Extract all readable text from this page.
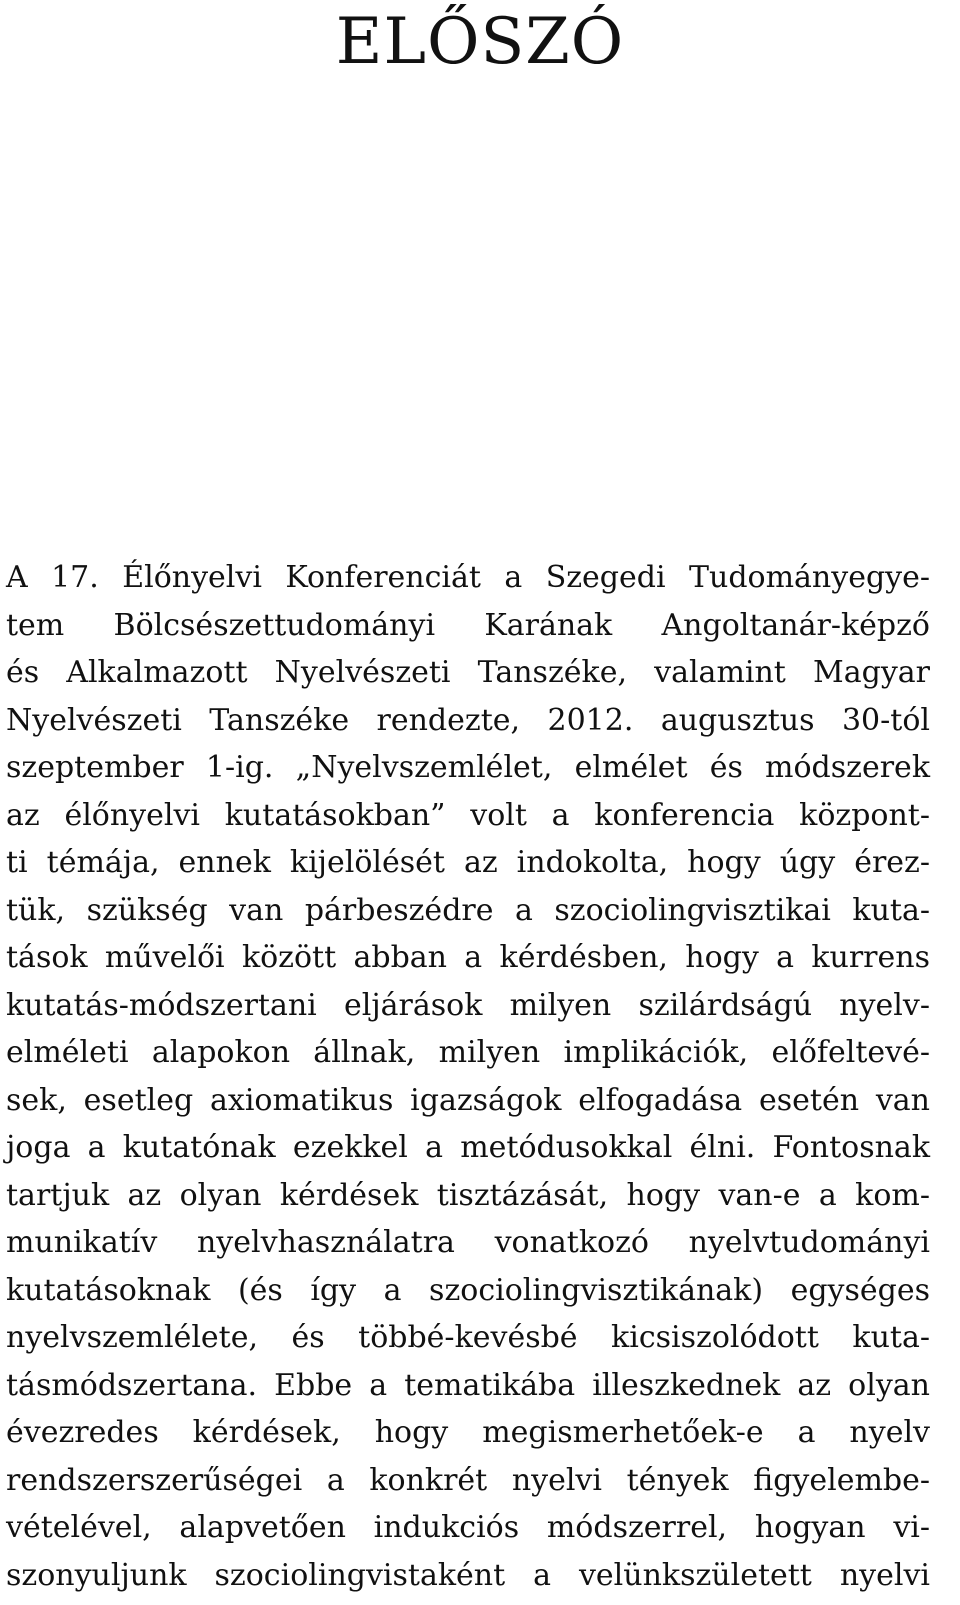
ELŐSZÓ
A 17. Élőnyelvi Konferenciát a Szegedi Tudományegye-
tem Bölcsészettudományi Karának Angoltanár-képző
és Alkalmazott Nyelvészeti Tanszéke, valamint Magyar
Nyelvészeti Tanszéke rendezte, 2012. augusztus 30-tól
szeptember 1-ig. „Nyelvszemlélet, elmélet és módszerek
az élőnyelvi kutatásokban” volt a konferencia központ-
ti témája, ennek kijelölését az indokolta, hogy úgy érez-
tük, szükség van párbeszédre a szociolingvisztikai kuta-
tások művelői között abban a kérdésben, hogy a kurrens
kutatás-módszertani eljárások milyen szilárdságú nyelv-
elméleti alapokon állnak, milyen implikációk, előfeltevé-
sek, esetleg axiomatikus igazságok elfogadása esetén van
joga a kutatónak ezekkel a metódusokkal élni. Fontosnak
tartjuk az olyan kérdések tisztázását, hogy van-e a kom-
munikatív nyelvhasználatra vonatkozó nyelvtudományi
kutatásoknak (és így a szociolingvisztikának) egységes
nyelvszemlélete, és többé-kevésbé kicsiszolódott kuta-
tásmódszertana. Ebbe a tematikába illeszkednek az olyan
évezredes kérdések, hogy megismerhetőek-e a nyelv
rendszerszerűségei a konkrét nyelvi tények figyelembe-
vételével, alapvetően indukciós módszerrel, hogyan vi-
szonyuljunk szociolingvistaként a velünkszületett nyelvi
